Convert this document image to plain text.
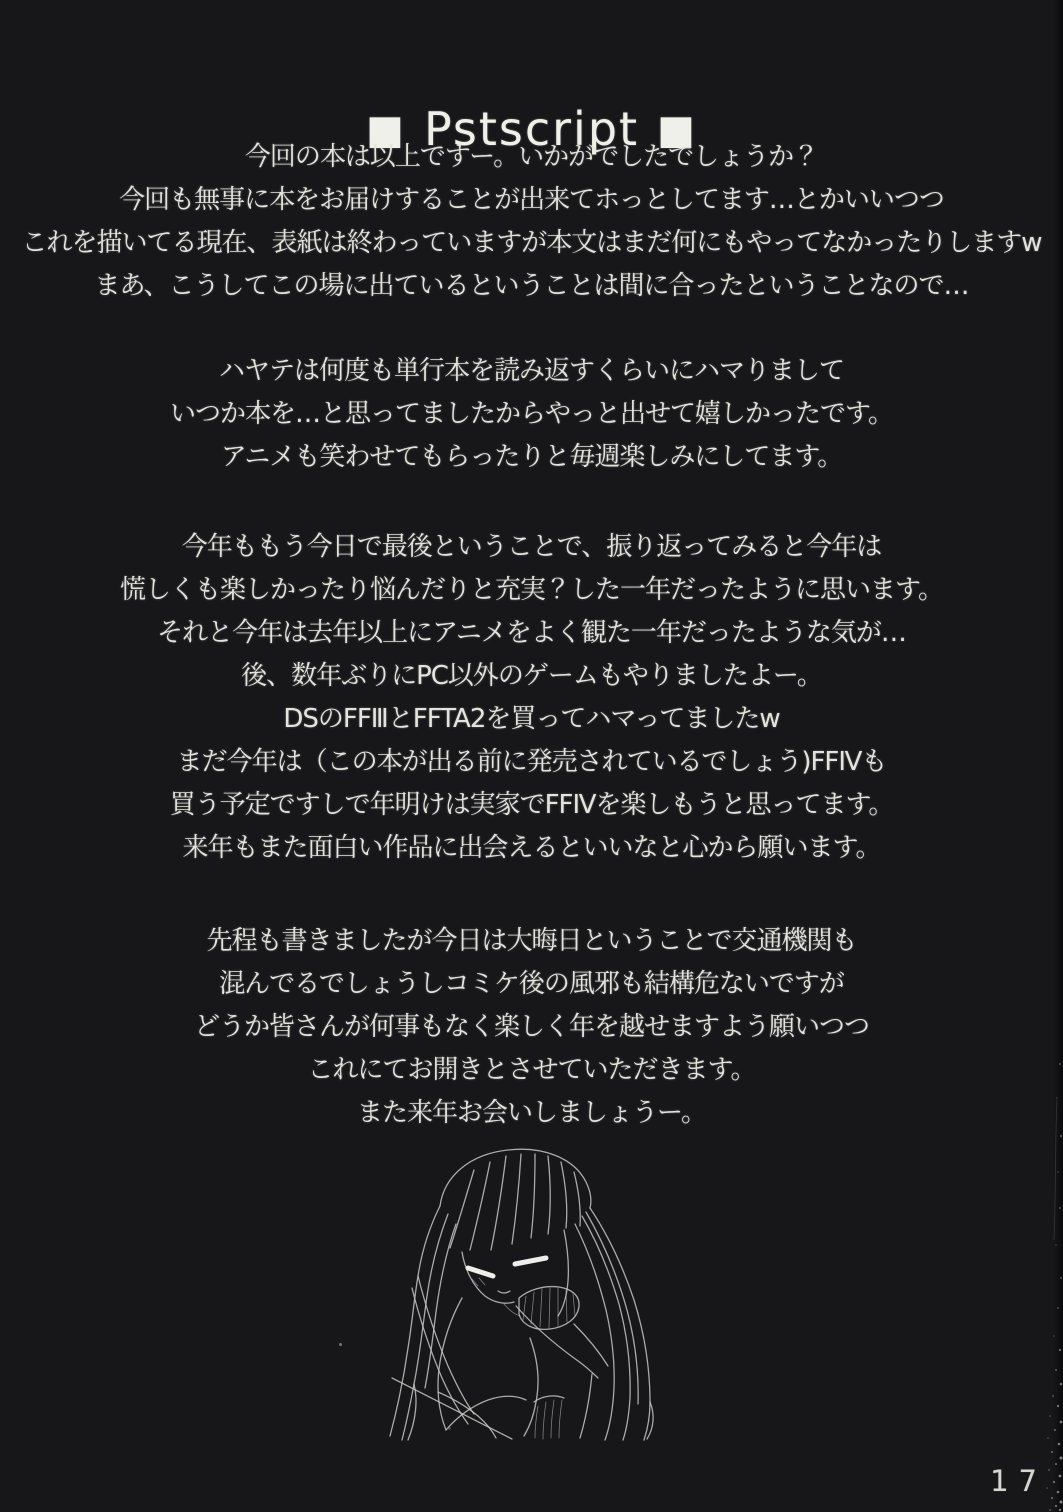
■ Pstscript ■
今回の本は以上ですー。いかがでしたでしょうか？
今回も無事に本をお届けすることが出来てホっとしてます…とかいいつつ
これを描いてる現在、表紙は終わっていますが本文はまだ何にもやってなかったりしますw
まあ、こうしてこの場に出ているということは間に合ったということなので…
ハヤテは何度も単行本を読み返すくらいにハマりまして
いつか本を…と思ってましたからやっと出せて嬉しかったです。
アニメも笑わせてもらったりと毎週楽しみにしてます。
今年ももう今日で最後ということで、振り返ってみると今年は
慌しくも楽しかったり悩んだりと充実？した一年だったように思います。
それと今年は去年以上にアニメをよく観た一年だったような気が…
後、数年ぶりにPC以外のゲームもやりましたよー。
DSのFFⅢとFFTA2を買ってハマってましたw
まだ今年は（この本が出る前に発売されているでしょう)FFⅣも
買う予定ですしで年明けは実家でFFⅣを楽しもうと思ってます。
来年もまた面白い作品に出会えるといいなと心から願います。
先程も書きましたが今日は大晦日ということで交通機関も
混んでるでしょうしコミケ後の風邪も結構危ないですが
どうか皆さんが何事もなく楽しく年を越せますよう願いつつ
これにてお開きとさせていただきます。
また来年お会いしましょうー。
17
